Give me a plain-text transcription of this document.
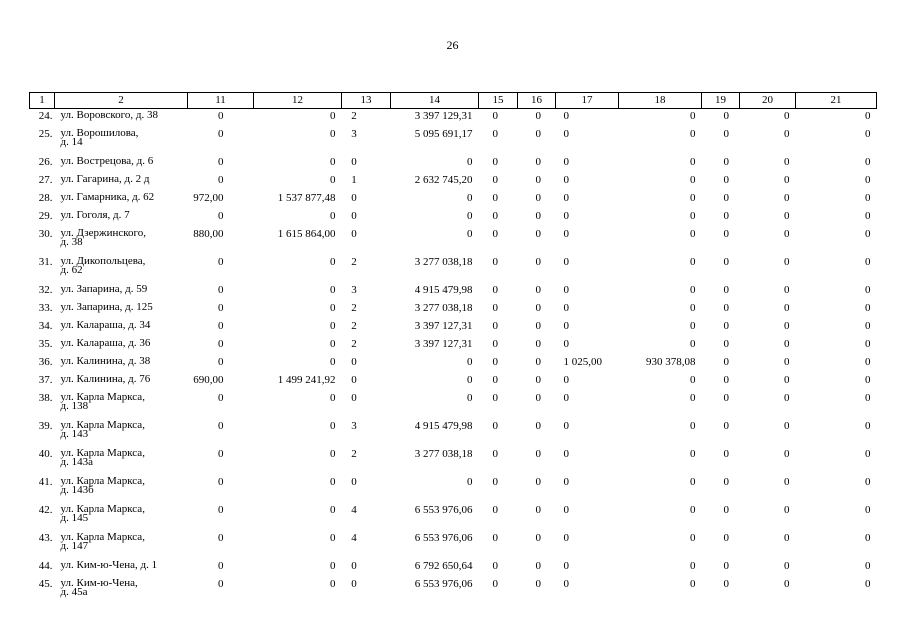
26
1	2	11	12	13	14	15	16	17	18	19	20	21
24.	ул. Воровского, д. 38	0	0	2	3 397 129,31	0	0	0	0	0	0	0
25.	ул. Ворошилова,
д. 14	0	0	3	5 095 691,17	0	0	0	0	0	0	0
26.	ул. Вострецова, д. 6	0	0	0	0	0	0	0	0	0	0	0
27.	ул. Гагарина, д. 2 д	0	0	1	2 632 745,20	0	0	0	0	0	0	0
28.	ул. Гамарника, д. 62	972,00	1 537 877,48	0	0	0	0	0	0	0	0	0
29.	ул. Гоголя, д. 7	0	0	0	0	0	0	0	0	0	0	0
30.	ул. Дзержинского,
д. 38	880,00	1 615 864,00	0	0	0	0	0	0	0	0	0
31.	ул. Дикопольцева,
д. 62	0	0	2	3 277 038,18	0	0	0	0	0	0	0
32.	ул. Запарина, д. 59	0	0	3	4 915 479,98	0	0	0	0	0	0	0
33.	ул. Запарина, д. 125	0	0	2	3 277 038,18	0	0	0	0	0	0	0
34.	ул. Калараша, д. 34	0	0	2	3 397 127,31	0	0	0	0	0	0	0
35.	ул. Калараша, д. 36	0	0	2	3 397 127,31	0	0	0	0	0	0	0
36.	ул. Калинина, д. 38	0	0	0	0	0	0	1 025,00	930 378,08	0	0	0
37.	ул. Калинина, д. 76	690,00	1 499 241,92	0	0	0	0	0	0	0	0	0
38.	ул. Карла Маркса,
д. 138	0	0	0	0	0	0	0	0	0	0	0
39.	ул. Карла Маркса,
д. 143	0	0	3	4 915 479,98	0	0	0	0	0	0	0
40.	ул. Карла Маркса,
д. 143а	0	0	2	3 277 038,18	0	0	0	0	0	0	0
41.	ул. Карла Маркса,
д. 143б	0	0	0	0	0	0	0	0	0	0	0
42.	ул. Карла Маркса,
д. 145	0	0	4	6 553 976,06	0	0	0	0	0	0	0
43.	ул. Карла Маркса,
д. 147	0	0	4	6 553 976,06	0	0	0	0	0	0	0
44.	ул. Ким-ю-Чена, д. 1	0	0	0	6 792 650,64	0	0	0	0	0	0	0
45.	ул. Ким-ю-Чена,
д. 45а	0	0	0	6 553 976,06	0	0	0	0	0	0	0
